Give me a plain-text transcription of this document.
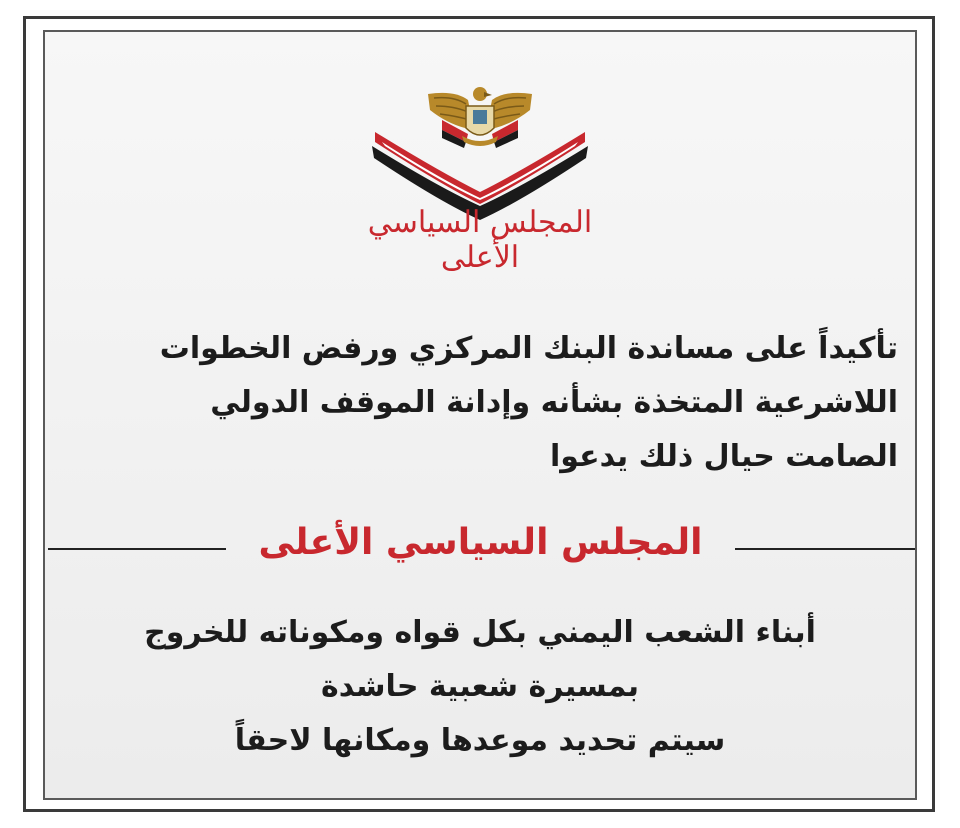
المجلس السياسي الأعلى

تأكيداً على مساندة البنك المركزي ورفض الخطوات
اللاشرعية المتخذة بشأنه وإدانة الموقف الدولي
الصامت حيال ذلك يدعوا

المجلس السياسي الأعلى

أبناء الشعب اليمني بكل قواه ومكوناته للخروج
بمسيرة شعبية حاشدة
سيتم تحديد موعدها ومكانها لاحقاً
